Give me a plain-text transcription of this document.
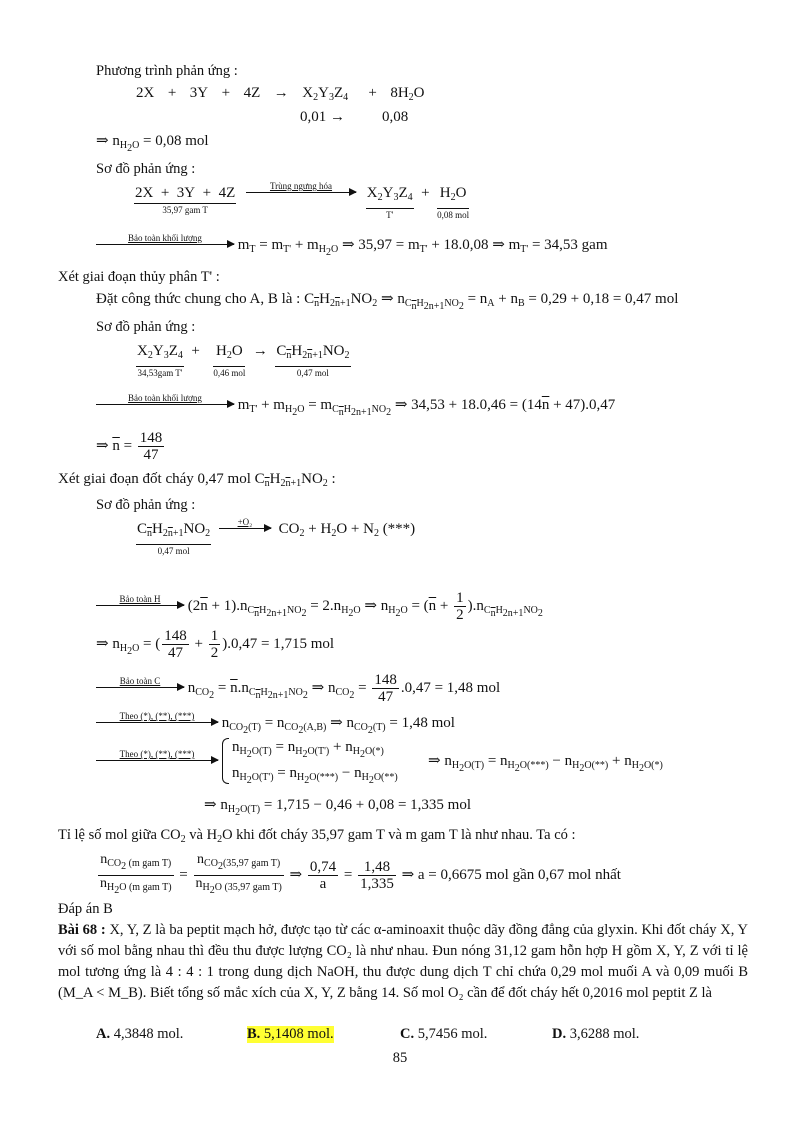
Phương trình phản ứng :
$2X + 3Y + 4Z \to X_2Y_3Z_4 + 8H_2O$
0,01 → 0,08
⇒ $n_{H_2O} = 0,08$ mol
Sơ đồ phản ứng :
2X  +  3Y  +  4Z
35,97 gam T

Trùng ngưng hóa
	$X_2Y_3Z_4$
T'
+ $H_2O$
0,08 mol
Bảo toàn khối lượng	$m_T = m_{T'} + m_{H_2O}$ ⇒ $35,97 = m_{T'} + 18.0,08$ ⇒ $m_{T'} = 34,53$ gam
Xét giai đoạn thủy phân T' :
Đặt công thức chung cho A, B là : $C_{\overline{n}}H_{2\overline{n}+1}NO_2$ ⇒ $n_{C_{\overline{n}}H_{2n+1}NO_2} = n_A + n_B = 0,29 + 0,18 = 0,47$ mol
Sơ đồ phản ứng :
$X_2Y_3Z_4$
34,53gam T'
+ $H_2O$
0,46 mol
→ $C_{\overline{n}}H_{2\overline{n}+1}NO_2$
0,47 mol
Bảo toàn khối lượng	$m_{T'} + m_{H_2O} = m_{C_{\overline{n}}H_{2n+1}NO_2}$ ⇒ $34,53 + 18.0,46 = (14\overline{n} + 47).0,47$
⇒ $\overline{n} = \frac{148}{47}$
Xét giai đoạn đốt cháy 0,47 mol $C_{\overline{n}}H_{2\overline{n}+1}NO_2$ :
Sơ đồ phản ứng :
$C_{\overline{n}}H_{2\overline{n}+1}NO_2$
0,47 mol

+O₂	$CO_2 + H_2O + N_2$ (***)
Bảo toàn H	$(2\overline{n} + 1).n_{C_{\overline{n}}H_{2n+1}NO_2} = 2.n_{H_2O}$ ⇒ $n_{H_2O} = (\overline{n} + \frac{1}{2} ).n_{C_{\overline{n}}H_{2n+1}NO_2}$
⇒ $n_{H_2O}$ = ( $\frac{148}{47} + \frac{1}{2} ).0,47 = 1,715$ mol
Bảo toàn C	$n_{CO_2} = \overline{n}.n_{C_{\overline{n}}H_{2n+1}NO_2}$ ⇒ $n_{CO_2} = \frac{148}{47} .0,47 = 1,48$ mol
Theo (*), (**), (***)	$n_{CO_2(T)} = n_{CO_2(A,B)}$ ⇒ $n_{CO_2(T)} = 1,48$ mol
Theo (*), (**), (***)	$n_{H_2O(T)} = n_{H_2O(T')} + n_{H_2O(*)}$
$n_{H_2O(T')} = n_{H_2O(***)} - n_{H_2O(**)}$
⇒ $n_{H_2O(T)} = n_{H_2O(***)} - n_{H_2O(**)} + n_{H_2O(*)}$
⇒ $n_{H_2O(T)} = 1,715 - 0,46 + 0,08 = 1,335$ mol
Tỉ lệ số mol giữa $CO_2$ và $H_2O$ khi đốt cháy 35,97 gam T và m gam T là như nhau. Ta có :
$\frac{n_{CO_2 (m gam T)}}{n_{H_2O (m gam T)}} = \frac{n_{CO_2(35,97 gam T)}}{n_{H_2O (35,97 gam T)}}$ ⇒ $\frac{0,74}{a} = \frac{1,48}{1,335}$ ⇒ a = 0,6675 mol gần 0,67 mol nhất
Đáp án B
Bài 68 : X, Y, Z là ba peptit mạch hở, được tạo từ các α-aminoaxit thuộc dãy đồng đẳng của glyxin. Khi đốt cháy X, Y với số mol bằng nhau thì đều thu được lượng CO₂ là như nhau. Đun nóng 31,12 gam hỗn hợp H gồm X, Y, Z với tỉ lệ mol tương ứng là 4 : 4 : 1 trong dung dịch NaOH, thu được dung dịch T chỉ chứa 0,29 mol muối A và 0,09 muối B (M_A < M_B). Biết tổng số mắc xích của X, Y, Z bằng 14. Số mol O₂ cần để đốt cháy hết 0,2016 mol peptit Z là
A. 4,3848 mol.	B. 5,1408 mol.	C. 5,7456 mol.	D. 3,6288 mol.
85
